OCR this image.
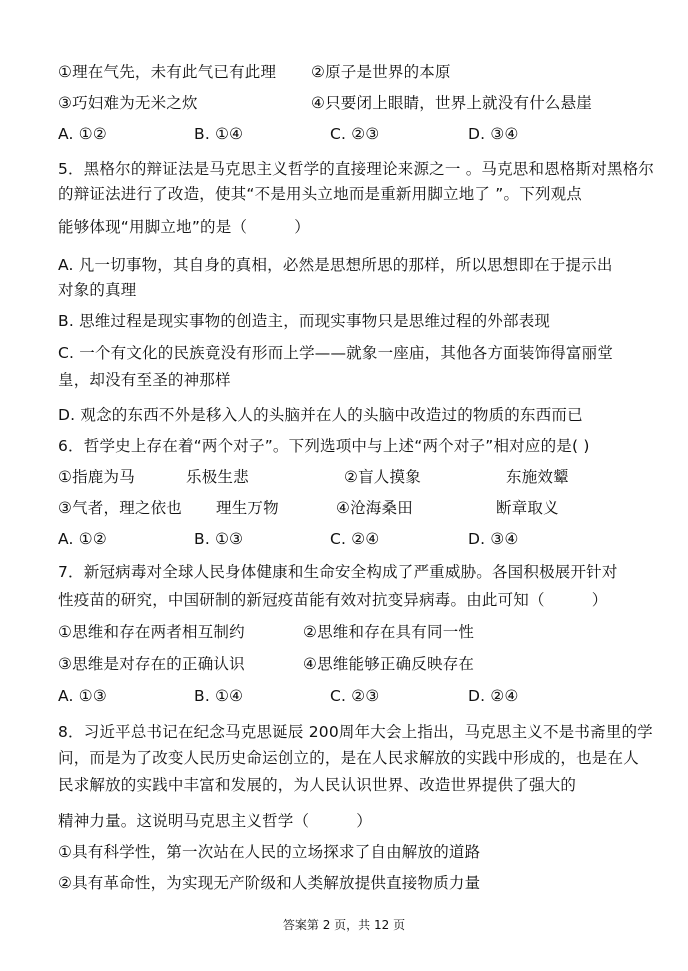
①理在气先，未有此气已有此理 ②原子是世界的本原
③巧妇难为无米之炊	④只要闭上眼睛，世界上就没有什么悬崖
A. ①②	B. ①④	C. ②③	D. ③④
5．黑格尔的辩证法是马克思主义哲学的直接理论来源之一 。马克思和恩格斯对黑格尔
的辩证法进行了改造，使其“不是用头立地而是重新用脚立地了 ”。下列观点
能够体现“用脚立地”的是（　　　）
A. 凡一切事物，其自身的真相，必然是思想所思的那样，所以思想即在于提示出
对象的真理
B. 思维过程是现实事物的创造主，而现实事物只是思维过程的外部表现
C. 一个有文化的民族竟没有形而上学——就象一座庙，其他各方面装饰得富丽堂
皇，却没有至圣的神那样
D. 观念的东西不外是移入人的头脑并在人的头脑中改造过的物质的东西而已
6．哲学史上存在着“两个对子”。下列选项中与上述“两个对子”相对应的是( )
①指鹿为马	乐极生悲	②盲人摸象	东施效颦
③气者，理之依也 理生万物	④沧海桑田	断章取义
A. ①②	B. ①③	C. ②④	D. ③④
7．新冠病毒对全球人民身体健康和生命安全构成了严重威胁。各国积极展开针对
性疫苗的研究，中国研制的新冠疫苗能有效对抗变异病毒。由此可知（　　　）
①思维和存在两者相互制约	②思维和存在具有同一性
③思维是对存在的正确认识	④思维能够正确反映存在
A. ①③	B. ①④	C. ②③	D. ②④
8．习近平总书记在纪念马克思诞辰 200周年大会上指出，马克思主义不是书斋里的学
问，而是为了改变人民历史命运创立的，是在人民求解放的实践中形成的，也是在人
民求解放的实践中丰富和发展的，为人民认识世界、改造世界提供了强大的
精神力量。这说明马克思主义哲学（　　　）
①具有科学性，第一次站在人民的立场探求了自由解放的道路
②具有革命性，为实现无产阶级和人类解放提供直接物质力量
答案第 2 页，共 12 页
